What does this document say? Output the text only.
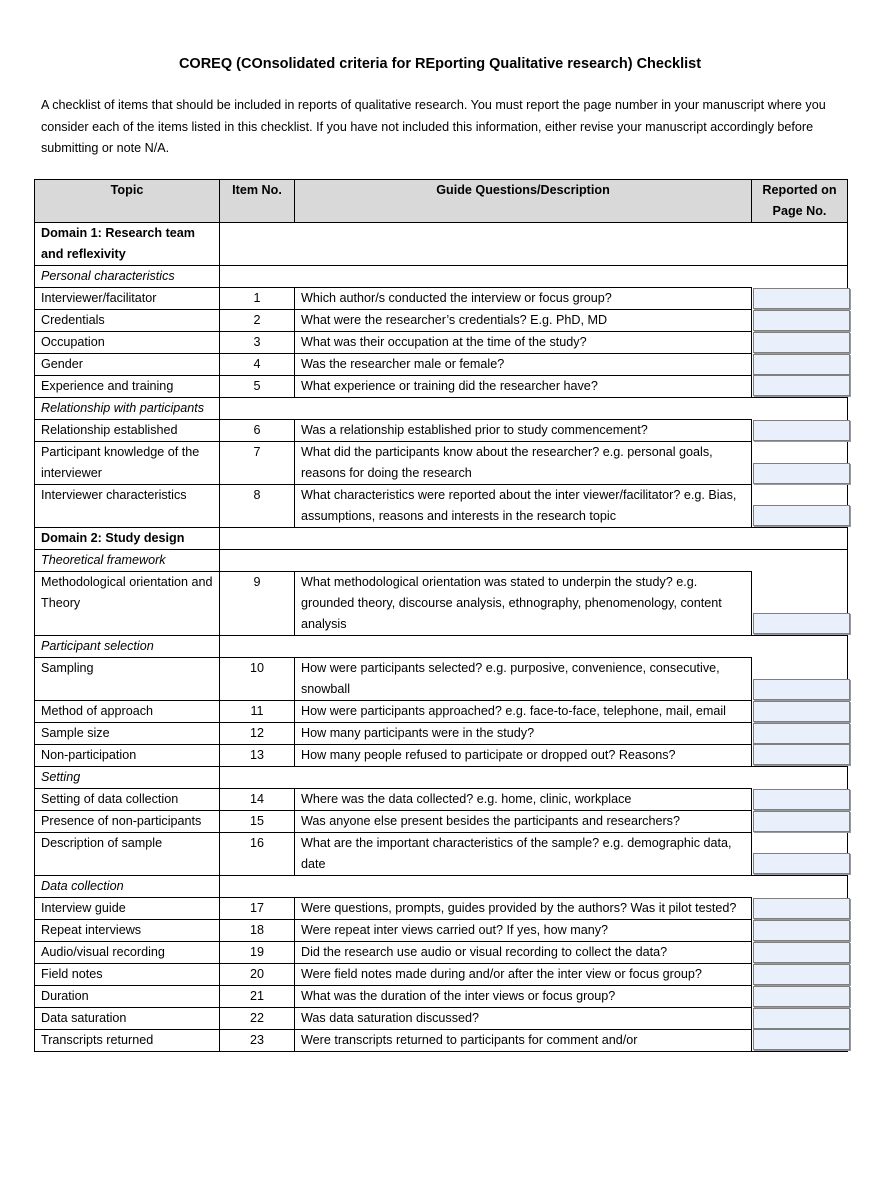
COREQ (COnsolidated criteria for REporting Qualitative research) Checklist
A checklist of items that should be included in reports of qualitative research. You must report the page number in your manuscript where you consider each of the items listed in this checklist. If you have not included this information, either revise your manuscript accordingly before submitting or note N/A.
Topic	Item No.	Guide Questions/Description	Reported on
Page No.
Domain 1: Research team and reflexivity			
Personal characteristics			
Interviewer/facilitator	1	Which author/s conducted the interview or focus group?	

Credentials	2	What were the researcher’s credentials? E.g. PhD, MD	

Occupation	3	What was their occupation at the time of the study?	

Gender	4	Was the researcher male or female?	

Experience and training	5	What experience or training did the researcher have?	

Relationship with participants			
Relationship established	6	Was a relationship established prior to study commencement?	

Participant knowledge of the interviewer	7	What did the participants know about the researcher? e.g. personal goals, reasons for doing the research	

Interviewer characteristics	8	What characteristics were reported about the inter viewer/facilitator? e.g. Bias, assumptions, reasons and interests in the research topic	

Domain 2: Study design			
Theoretical framework			
Methodological orientation and Theory	9	What methodological orientation was stated to underpin the study? e.g. grounded theory, discourse analysis, ethnography, phenomenology, content analysis	

Participant selection			
Sampling	10	How were participants selected? e.g. purposive, convenience, consecutive, snowball	

Method of approach	11	How were participants approached? e.g. face-to-face, telephone, mail, email	

Sample size	12	How many participants were in the study?	

Non-participation	13	How many people refused to participate or dropped out? Reasons?	

Setting			
Setting of data collection	14	Where was the data collected? e.g. home, clinic, workplace	

Presence of non-participants	15	Was anyone else present besides the participants and researchers?	

Description of sample	16	What are the important characteristics of the sample? e.g. demographic data, date	

Data collection			
Interview guide	17	Were questions, prompts, guides provided by the authors? Was it pilot tested?	

Repeat interviews	18	Were repeat inter views carried out? If yes, how many?	

Audio/visual recording	19	Did the research use audio or visual recording to collect the data?	

Field notes	20	Were field notes made during and/or after the inter view or focus group?	

Duration	21	What was the duration of the inter views or focus group?	

Data saturation	22	Was data saturation discussed?	

Transcripts returned	23	Were transcripts returned to participants for comment and/or	
